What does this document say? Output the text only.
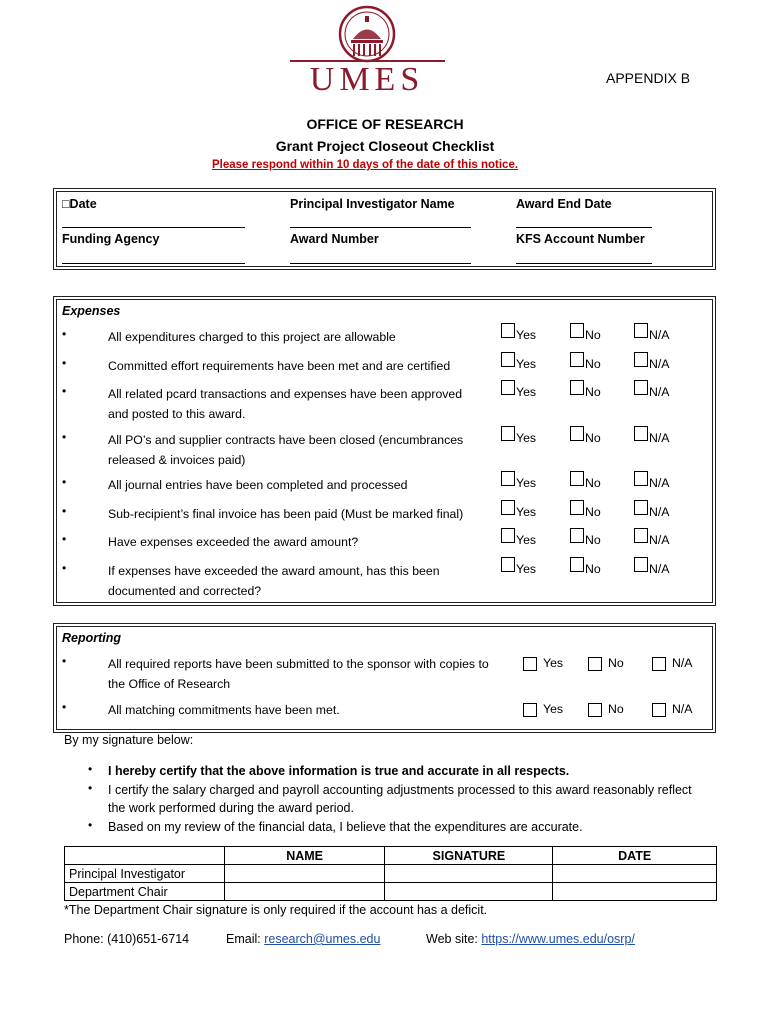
UMES	APPENDIX B
OFFICE OF RESEARCH
Grant Project Closeout Checklist
Please respond within 10 days of the date of this notice.
□Date	Principal Investigator Name	Award End Date
Funding Agency	Award Number	KFS Account Number
Expenses
•	All expenditures charged to this project are allowable	Yes	No	N/A
•	Committed effort requirements have been met and are certified	Yes	No	N/A
•	All related pcard transactions and expenses have been approved
and posted to this award.
Yes	No	N/A
•	All PO’s and supplier contracts have been closed (encumbrances
released & invoices paid)
Yes	No	N/A
•	All journal entries have been completed and processed	Yes	No	N/A
•	Sub-recipient’s final invoice has been paid (Must be marked final)	Yes	No	N/A
•	Have expenses exceeded the award amount?	Yes	No	N/A
•	If expenses have exceeded the award amount, has this been
documented and corrected?
Yes	No	N/A
Reporting
•	All required reports have been submitted to the sponsor with copies to
the Office of Research
Yes	No	N/A
•	All matching commitments have been met.	Yes	No	N/A
By my signature below:
• I hereby certify that the above information is true and accurate in all respects.
• I certify the salary charged and payroll accounting adjustments processed to this award reasonably reflect
the work performed during the award period.
• Based on my review of the financial data, I believe that the expenditures are accurate.
	NAME	SIGNATURE	DATE
Principal Investigator			
Department Chair			
*The Department Chair signature is only required if the account has a deficit.
Phone: (410)651-6714	Email: research@umes.edu	Web site: https://www.umes.edu/osrp/
